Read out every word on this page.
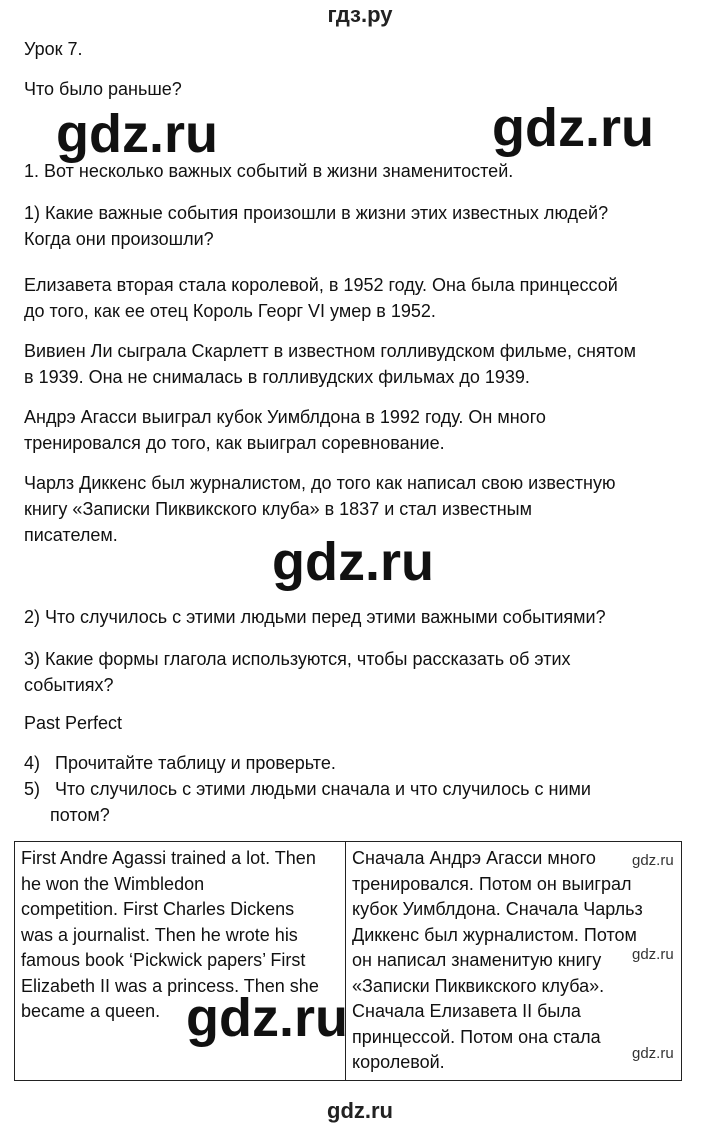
гдз.ру
Урок 7.
Что было раньше?
gdz.ru	gdz.ru
1. Вот несколько важных событий в жизни знаменитостей.
1) Какие важные события произошли в жизни этих известных людей?
Когда они произошли?
Елизавета вторая стала королевой, в 1952 году. Она была принцессой
до того, как ее отец Король Георг VI умер в 1952.
Вивиен Ли сыграла Скарлетт в известном голливудском фильме, снятом
в 1939. Она не снималась в голливудских фильмах до 1939.
Андрэ Агасси выиграл кубок Уимблдона в 1992 году. Он много
тренировался до того, как выиграл соревнование.
Чарлз Диккенс был журналистом, до того как написал свою известную
книгу «Записки Пиквикского клуба» в 1837 и стал известным
писателем.	gdz.ru
2) Что случилось с этими людьми перед этими важными событиями?
3) Какие формы глагола используются, чтобы рассказать об этих
событиях?
Past Perfect
4) Прочитайте таблицу и проверьте.
5) Что случилось с этими людьми сначала и что случилось с ними
потом?
First Andre Agassi trained a lot. Then
he won the Wimbledon
competition. First Charles Dickens
was a journalist. Then he wrote his
famous book ‘Pickwick papers’ First
Elizabeth II was a princess. Then she
became a queen.

Сначала Андрэ Агасси много
тренировался. Потом он выиграл
кубок Уимблдона. Сначала Чарльз
Диккенс был журналистом. Потом
он написал знаменитую книгу
«Записки Пиквикского клуба».
Сначала Елизавета II была
принцессой. Потом она стала
королевой.
gdz.ru
gdz.ru
gdz.ru
gdz.ru
gdz.ru
